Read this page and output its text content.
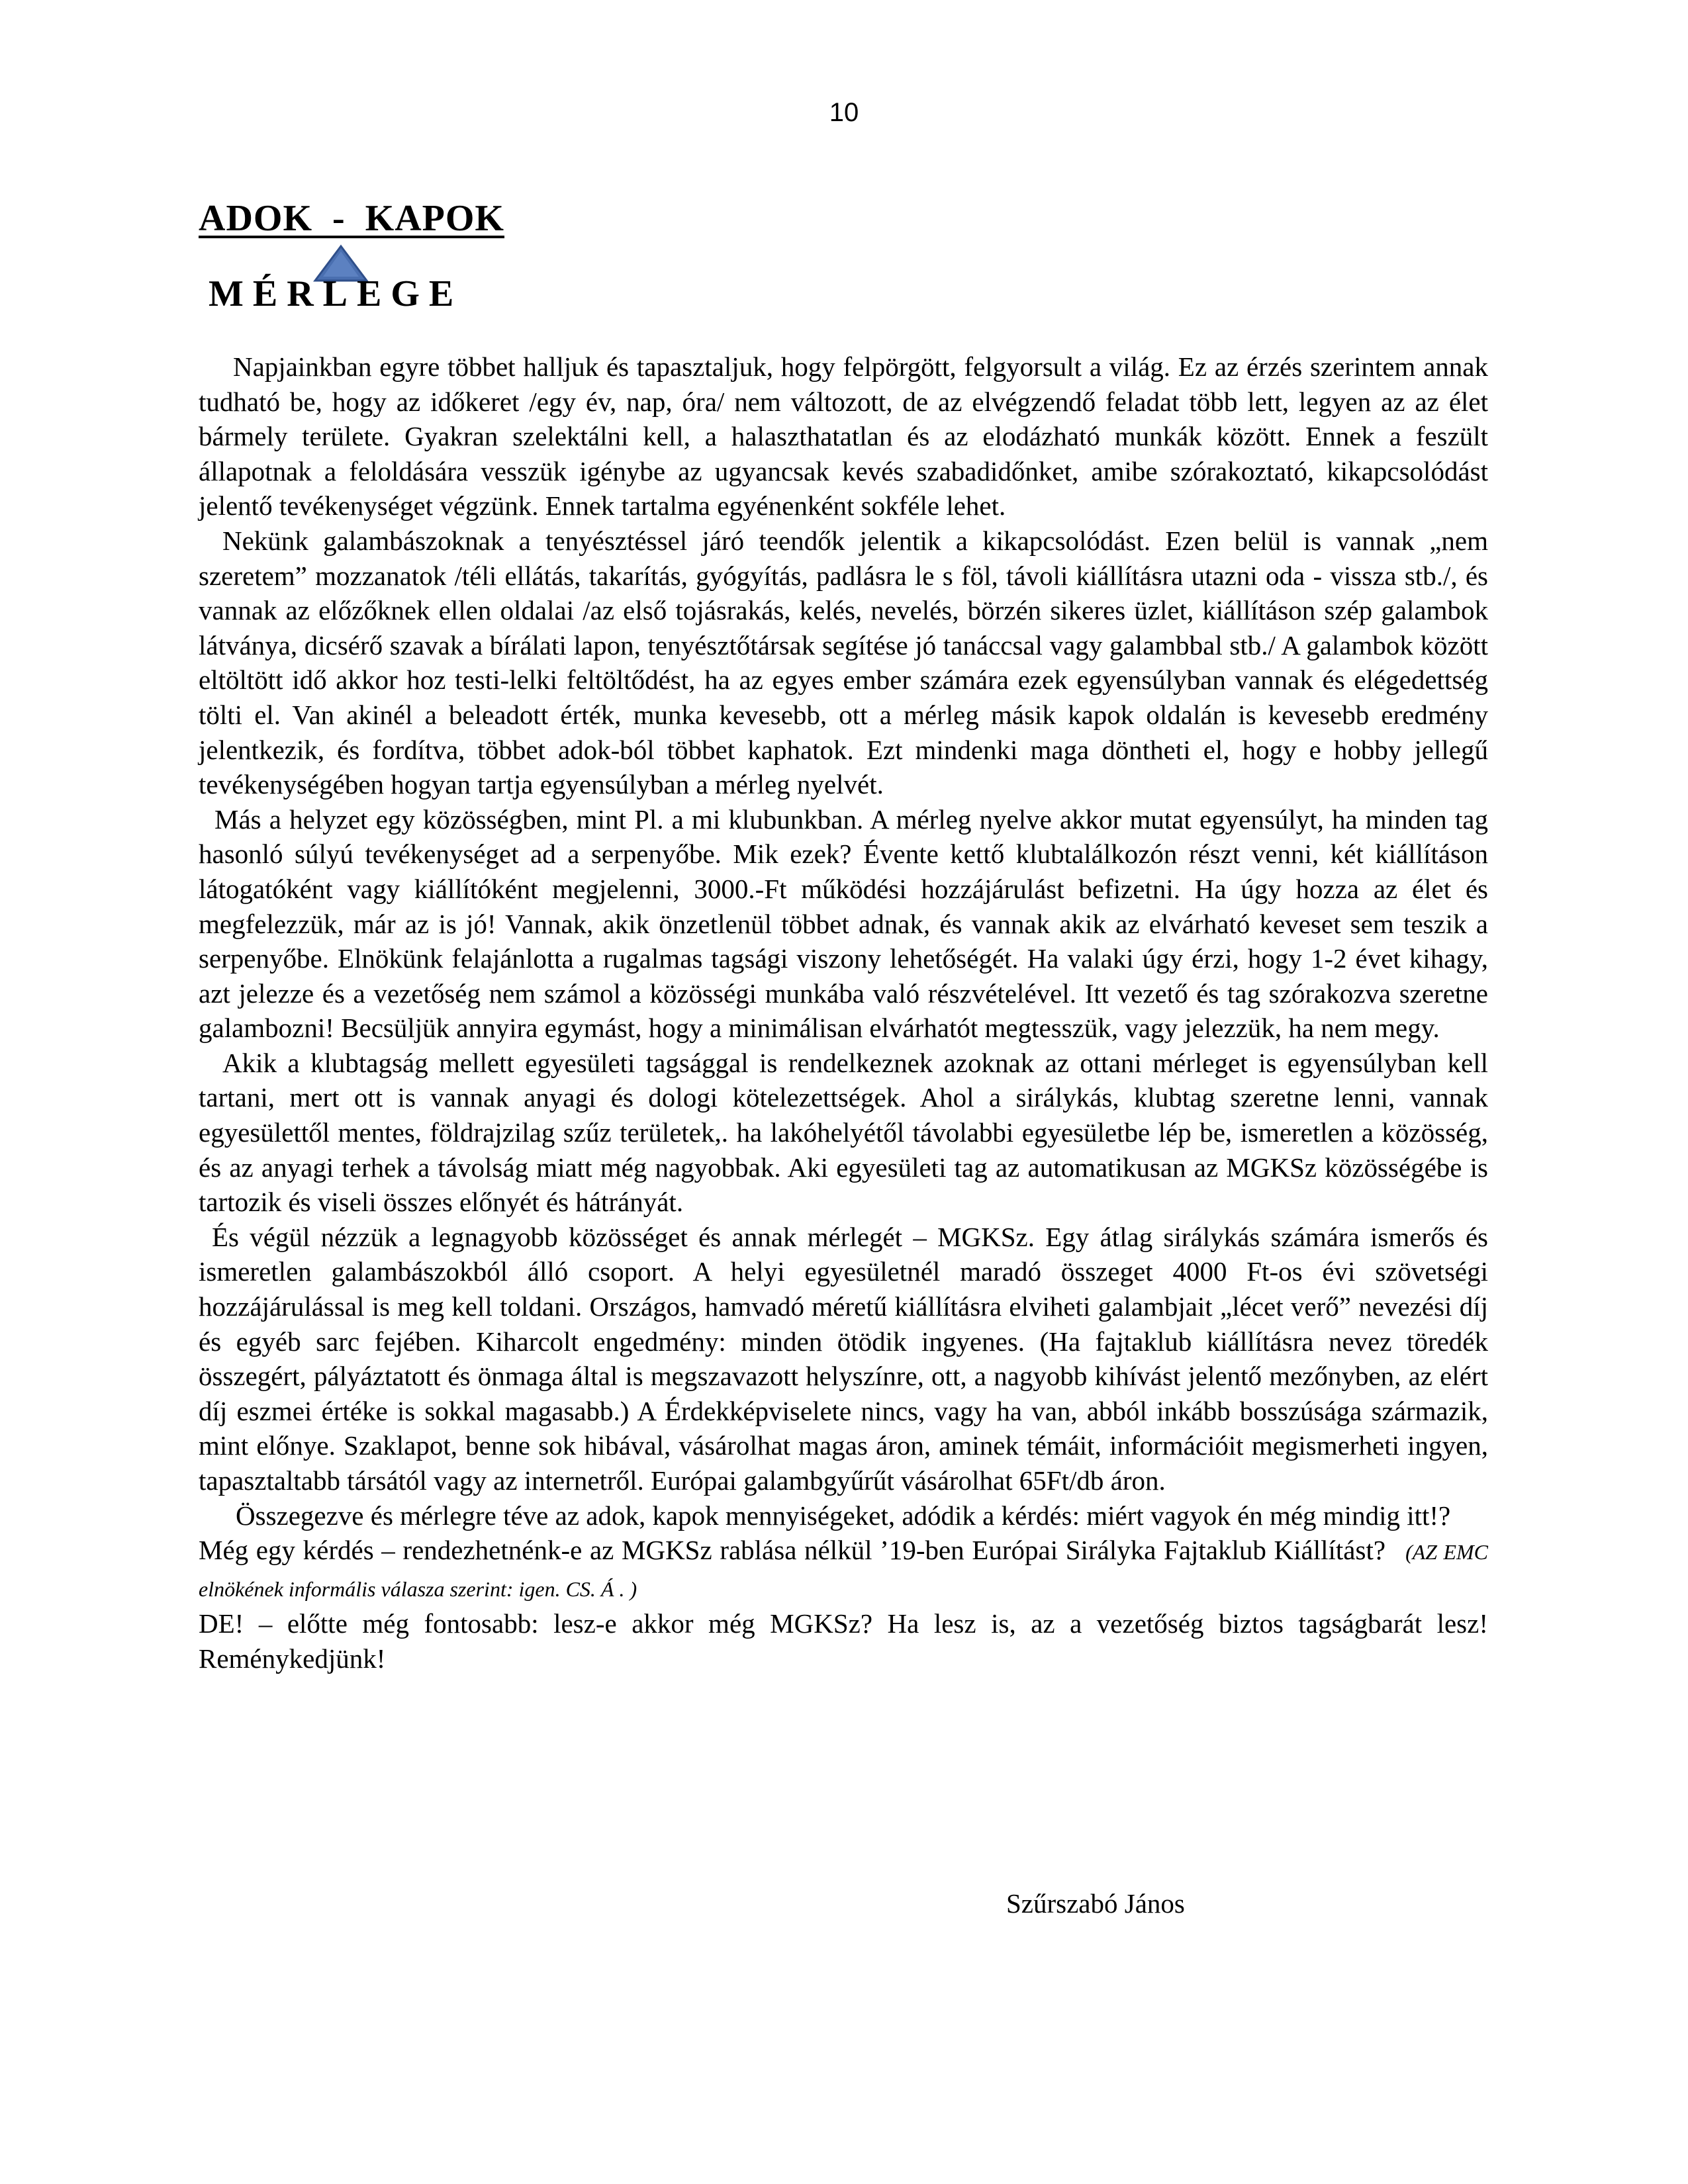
10
ADOK  -  KAPOK
MÉRLEGE

Napjainkban egyre többet halljuk és tapasztaljuk, hogy felpörgött, felgyorsult a világ. Ez az érzés szerintem annak tudható be, hogy az időkeret /egy év, nap, óra/ nem változott, de az elvégzendő feladat több lett, legyen az az élet bármely területe. Gyakran szelektálni kell, a halaszthatatlan és az elodázható munkák között. Ennek a feszült állapotnak a feloldására vesszük igénybe az ugyancsak kevés szabadidőnket, amibe szórakoztató, kikapcsolódást jelentő tevékenységet végzünk. Ennek tartalma egyénenként sokféle lehet.

Nekünk galambászoknak a tenyésztéssel járó teendők jelentik a kikapcsolódást. Ezen belül is vannak „nem szeretem” mozzanatok /téli ellátás, takarítás, gyógyítás, padlásra le s föl, távoli kiállításra utazni oda - vissza stb./, és vannak az előzőknek ellen oldalai /az első tojásrakás, kelés, nevelés, börzén sikeres üzlet, kiállításon szép galambok látványa, dicsérő szavak a bírálati lapon, tenyésztőtársak segítése jó tanáccsal vagy galambbal stb./ A galambok között eltöltött idő akkor hoz testi-lelki feltöltődést, ha az egyes ember számára ezek egyensúlyban vannak és elégedettség tölti el. Van akinél a beleadott érték, munka kevesebb, ott a mérleg másik kapok oldalán is kevesebb eredmény jelentkezik, és fordítva, többet adok-ból többet kaphatok. Ezt mindenki maga döntheti el, hogy e hobby jellegű tevékenységében hogyan tartja egyensúlyban a mérleg nyelvét.

Más a helyzet egy közösségben, mint Pl. a mi klubunkban. A mérleg nyelve akkor mutat egyensúlyt, ha minden tag hasonló súlyú tevékenységet ad a serpenyőbe. Mik ezek? Évente kettő klubtalálkozón részt venni, két kiállításon látogatóként vagy kiállítóként megjelenni, 3000.-Ft működési hozzájárulást befizetni. Ha úgy hozza az élet és megfelezzük, már az is jó! Vannak, akik önzetlenül többet adnak, és vannak akik az elvárható keveset sem teszik a serpenyőbe. Elnökünk felajánlotta a rugalmas tagsági viszony lehetőségét. Ha valaki úgy érzi, hogy 1-2 évet kihagy, azt jelezze és a vezetőség nem számol a közösségi munkába való részvételével. Itt vezető és tag szórakozva szeretne galambozni! Becsüljük annyira egymást, hogy a minimálisan elvárhatót megtesszük, vagy jelezzük, ha nem megy.

Akik a klubtagság mellett egyesületi tagsággal is rendelkeznek azoknak az ottani mérleget is egyensúlyban kell tartani, mert ott is vannak anyagi és dologi kötelezettségek. Ahol a sirálykás, klubtag szeretne lenni, vannak egyesülettől mentes, földrajzilag szűz területek,. ha lakóhelyétől távolabbi egyesületbe lép be, ismeretlen a közösség, és az anyagi terhek a távolság miatt még nagyobbak. Aki egyesületi tag az automatikusan az MGKSz közösségébe is tartozik és viseli összes előnyét és hátrányát.

És végül nézzük a legnagyobb közösséget és annak mérlegét – MGKSz. Egy átlag sirálykás számára ismerős és ismeretlen galambászokból álló csoport. A helyi egyesületnél maradó összeget 4000 Ft-os évi szövetségi hozzájárulással is meg kell toldani. Országos, hamvadó méretű kiállításra elviheti galambjait „lécet verő” nevezési díj és egyéb sarc fejében. Kiharcolt engedmény: minden ötödik ingyenes. (Ha fajtaklub kiállításra nevez töredék összegért, pályáztatott és önmaga által is megszavazott helyszínre, ott, a nagyobb kihívást jelentő mezőnyben, az elért díj eszmei értéke is sokkal magasabb.) A Érdekképviselete nincs, vagy ha van, abból inkább bosszúsága származik, mint előnye. Szaklapot, benne sok hibával, vásárolhat magas áron, aminek témáit, információit megismerheti ingyen, tapasztaltabb társától vagy az internetről. Európai galambgyűrűt vásárolhat 65Ft/db áron.

Összegezve és mérlegre téve az adok, kapok mennyiségeket, adódik a kérdés: miért vagyok én még mindig itt!?

Még egy kérdés – rendezhetnénk-e az MGKSz rablása nélkül ’19-ben Európai Sirályka Fajtaklub Kiállítást? (AZ EMC elnökének informális válasza szerint: igen. CS. Á . )

DE! – előtte még fontosabb: lesz-e akkor még MGKSz? Ha lesz is, az a vezetőség biztos tagságbarát lesz! Reménykedjünk!

Szűrszabó János
